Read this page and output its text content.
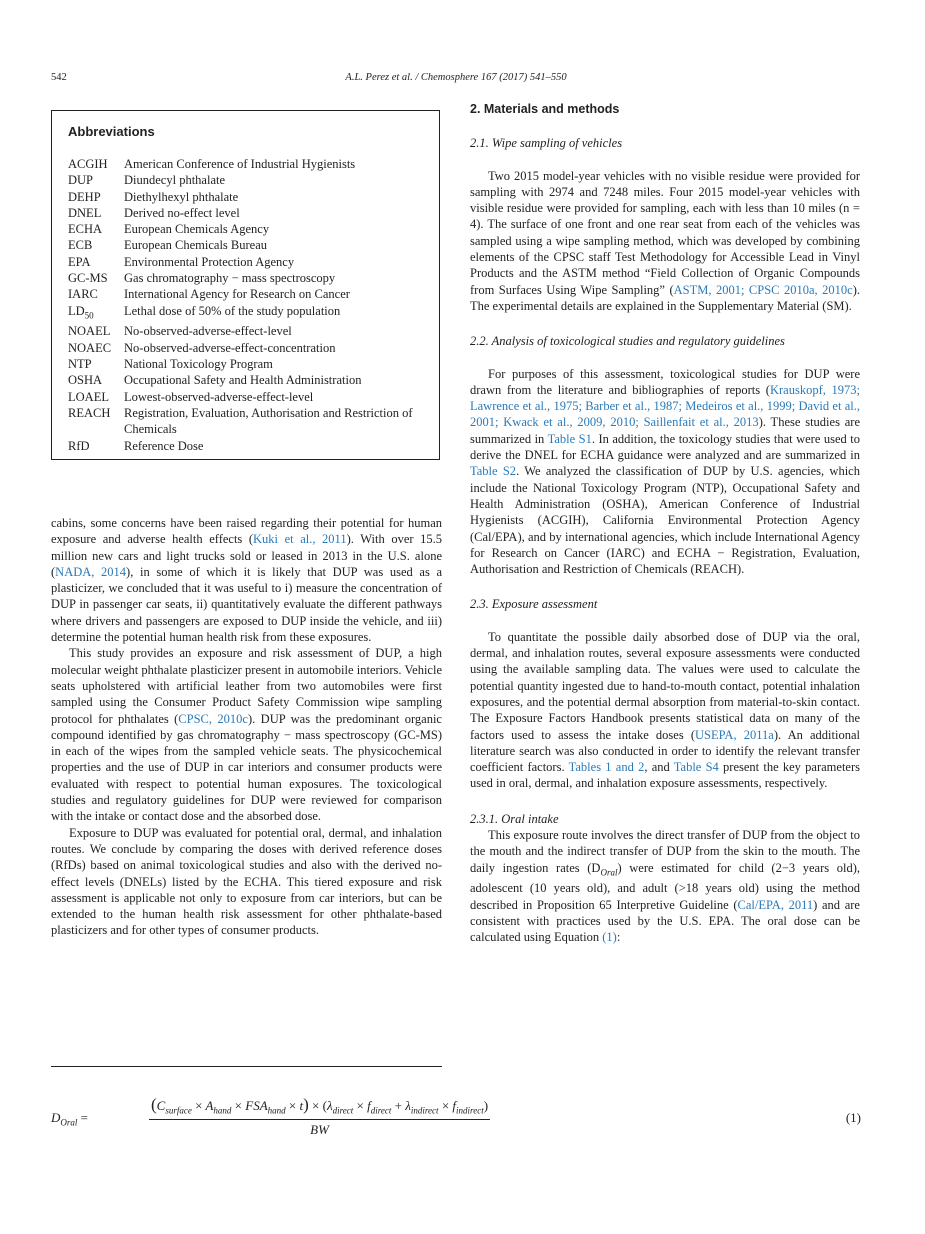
542	A.L. Perez et al. / Chemosphere 167 (2017) 541–550
Abbreviations
ACGIH	American Conference of Industrial Hygienists
DUP	Diundecyl phthalate
DEHP	Diethylhexyl phthalate
DNEL	Derived no-effect level
ECHA	European Chemicals Agency
ECB	European Chemicals Bureau
EPA	Environmental Protection Agency
GC-MS	Gas chromatography − mass spectroscopy
IARC	International Agency for Research on Cancer
$LD_{50}$	Lethal dose of 50% of the study population
NOAEL	No-observed-adverse-effect-level
NOAEC	No-observed-adverse-effect-concentration
NTP	National Toxicology Program
OSHA	Occupational Safety and Health Administration
LOAEL	Lowest-observed-adverse-effect-level
REACH	Registration, Evaluation, Authorisation and Restriction of Chemicals
RfD	Reference Dose

cabins, some concerns have been raised regarding their potential for human exposure and adverse health effects (Kuki et al., 2011). With over 15.5 million new cars and light trucks sold or leased in 2013 in the U.S. alone (NADA, 2014), in some of which it is likely that DUP was used as a plasticizer, we concluded that it was useful to i) measure the concentration of DUP in passenger car seats, ii) quantitatively evaluate the different pathways where drivers and passengers are exposed to DUP inside the vehicle, and iii) determine the potential human health risk from these exposures.

This study provides an exposure and risk assessment of DUP, a high molecular weight phthalate plasticizer present in automobile interiors. Vehicle seats upholstered with artificial leather from two automobiles were first sampled using the Consumer Product Safety Commission wipe sampling protocol for phthalates (CPSC, 2010c). DUP was the predominant organic compound identified by gas chromatography − mass spectroscopy (GC-MS) in each of the wipes from the sampled vehicle seats. The physicochemical properties and the use of DUP in car interiors and consumer products were evaluated with respect to potential human exposures. The toxicological studies and regulatory guidelines for DUP were reviewed for comparison with the intake or contact dose and the absorbed dose.

Exposure to DUP was evaluated for potential oral, dermal, and inhalation routes. We conclude by comparing the doses with derived reference doses (RfDs) based on animal toxicological studies and also with the derived no-effect levels (DNELs) listed by the ECHA. This tiered exposure and risk assessment is applicable not only to exposure from car interiors, but can be extended to the human health risk assessment for other phthalate-based plasticizers and for other types of consumer products.

2. Materials and methods
2.1. Wipe sampling of vehicles

Two 2015 model-year vehicles with no visible residue were provided for sampling with 2974 and 7248 miles. Four 2015 model-year vehicles with visible residue were provided for sampling, each with less than 10 miles (n = 4). The surface of one front and one rear seat from each of the vehicles was sampled using a wipe sampling method, which was developed by combining elements of the CPSC staff Test Methodology for Accessible Lead in Vinyl Products and the ASTM method “Field Collection of Organic Compounds from Surfaces Using Wipe Sampling” (ASTM, 2001; CPSC 2010a, 2010c). The experimental details are explained in the Supplementary Material (SM).

2.2. Analysis of toxicological studies and regulatory guidelines

For purposes of this assessment, toxicological studies for DUP were drawn from the literature and bibliographies of reports (Krauskopf, 1973; Lawrence et al., 1975; Barber et al., 1987; Medeiros et al., 1999; David et al., 2001; Kwack et al., 2009, 2010; Saillenfait et al., 2013). These studies are summarized in Table S1. In addition, the toxicology studies that were used to derive the DNEL for ECHA guidance were analyzed and are summarized in Table S2. We analyzed the classification of DUP by U.S. agencies, which include the National Toxicology Program (NTP), Occupational Safety and Health Administration (OSHA), American Conference of Industrial Hygienists (ACGIH), California Environmental Protection Agency (Cal/EPA), and by international agencies, which include International Agency for Research on Cancer (IARC) and ECHA − Registration, Evaluation, Authorisation and Restriction of Chemicals (REACH).

2.3. Exposure assessment

To quantitate the possible daily absorbed dose of DUP via the oral, dermal, and inhalation routes, several exposure assessments were conducted using the available sampling data. The values were used to calculate the potential quantity ingested due to hand-to-mouth contact, potential inhalation exposures, and the potential dermal absorption from material-to-skin contact. The Exposure Factors Handbook presents statistical data on many of the factors used to assess the intake doses (USEPA, 2011a). An additional literature search was also conducted in order to identify the relevant transfer coefficient factors. Tables 1 and 2, and Table S4 present the key parameters used in oral, dermal, and inhalation exposure assessments, respectively.

2.3.1. Oral intake

This exposure route involves the direct transfer of DUP from the object to the mouth and the indirect transfer of DUP from the skin to the mouth. The daily ingestion rates $(D_{Oral})$ were estimated for child (2−3 years old), adolescent (10 years old), and adult (>18 years old) using the method described in Proposition 65 Interpretive Guideline (Cal/EPA, 2011) and are consistent with practices used by the U.S. EPA. The oral dose can be calculated using Equation (1):

$D_{Oral}$ =
$(C_{surface} \times A_{hand} \times FSA_{hand} \times t) \times (\lambda_{direct} \times f_{direct} + \lambda_{indirect} \times f_{indirect})$
BW
(1)
